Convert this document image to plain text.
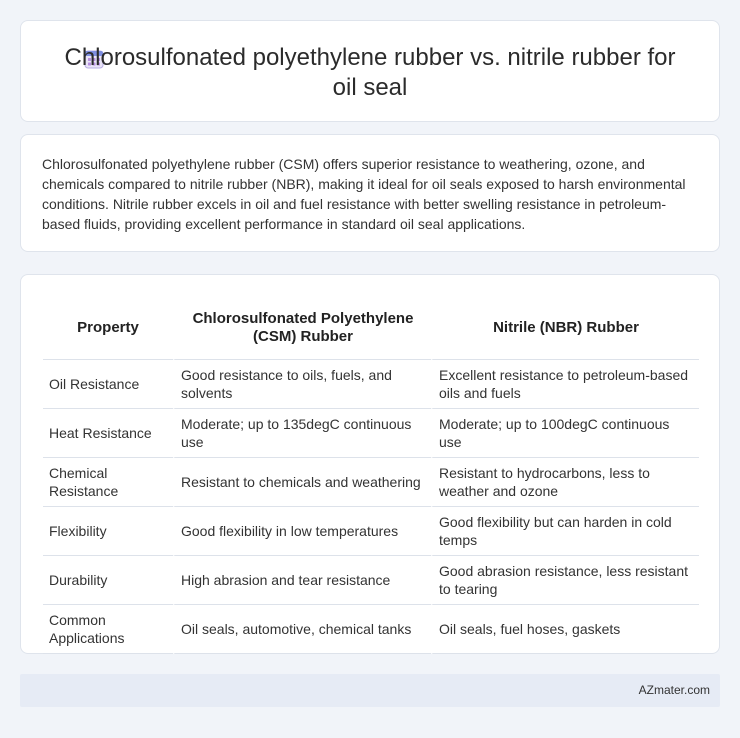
Chlorosulfonated polyethylene rubber vs. nitrile rubber for oil seal

Chlorosulfonated polyethylene rubber (CSM) offers superior resistance to weathering, ozone, and chemicals compared to nitrile rubber (NBR), making it ideal for oil seals exposed to harsh environmental conditions. Nitrile rubber excels in oil and fuel resistance with better swelling resistance in petroleum-based fluids, providing excellent performance in standard oil seal applications.

Property	Chlorosulfonated Polyethylene (CSM) Rubber	Nitrile (NBR) Rubber
Oil Resistance	Good resistance to oils, fuels, and solvents	Excellent resistance to petroleum-based oils and fuels
Heat Resistance	Moderate; up to 135degC continuous use	Moderate; up to 100degC continuous use
Chemical Resistance	Resistant to chemicals and weathering	Resistant to hydrocarbons, less to weather and ozone
Flexibility	Good flexibility in low temperatures	Good flexibility but can harden in cold temps
Durability	High abrasion and tear resistance	Good abrasion resistance, less resistant to tearing
Common Applications	Oil seals, automotive, chemical tanks	Oil seals, fuel hoses, gaskets
AZmater.com
